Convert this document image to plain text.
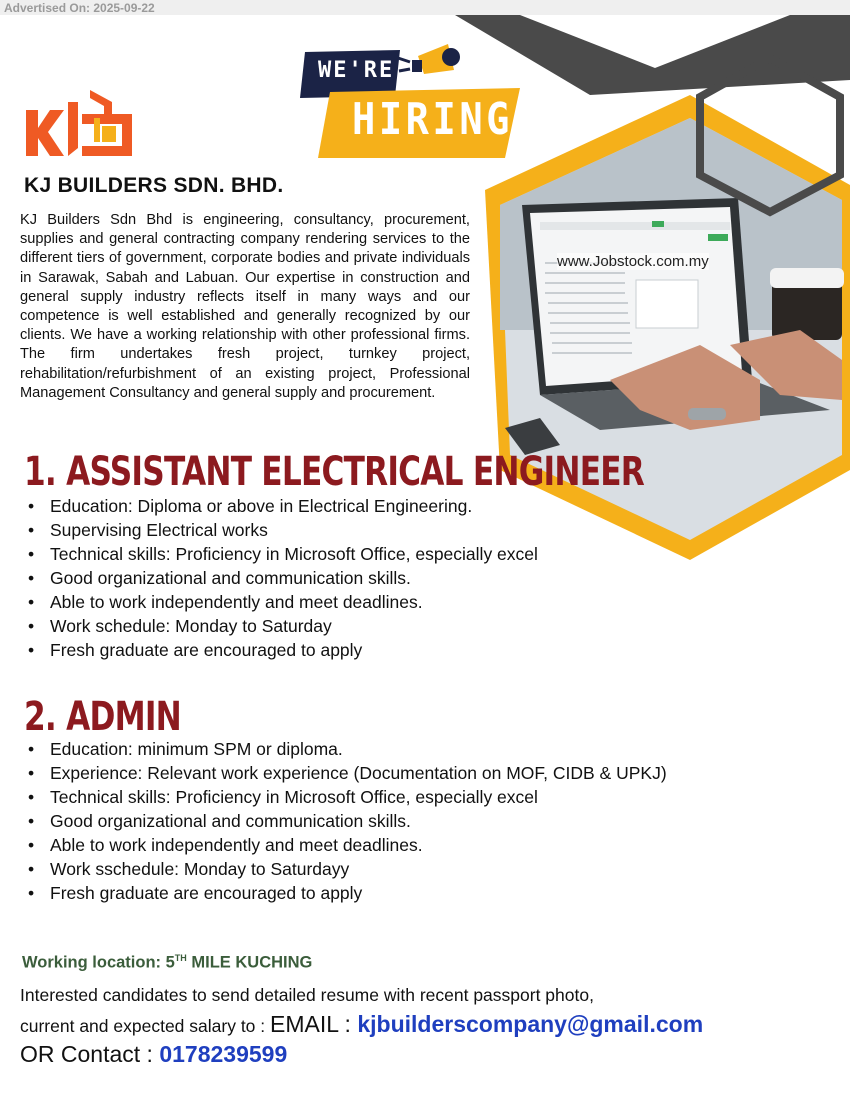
Advertised On: 2025-09-22
WE'RE
HIRING
KJ BUILDERS SDN. BHD.
KJ Builders Sdn Bhd is engineering, consultancy, procurement, supplies and general contracting company rendering services to the different tiers of government, corporate bodies and private individuals in Sarawak, Sabah and Labuan. Our expertise in construction and general supply industry reflects itself in many ways and our competence is well established and generally recognized by our clients. We have a working relationship with other professional firms. The firm undertakes fresh project, turnkey project, rehabilitation/refurbishment of an existing project, Professional Management Consultancy and general supply and procurement.
www.Jobstock.com.my
1. ASSISTANT ELECTRICAL ENGINEER
• Education: Diploma or above in Electrical Engineering.
• Supervising Electrical works
• Technical skills: Proficiency in Microsoft Office, especially excel
• Good organizational and communication skills.
• Able to work independently and meet deadlines.
• Work schedule: Monday to Saturday
• Fresh graduate are encouraged to apply
2. ADMIN
• Education: minimum SPM or diploma.
• Experience: Relevant work experience (Documentation on MOF, CIDB & UPKJ)
• Technical skills: Proficiency in Microsoft Office, especially excel
• Good organizational and communication skills.
• Able to work independently and meet deadlines.
• Work sschedule: Monday to Saturdayy
• Fresh graduate are encouraged to apply
Working location: 5TH MILE KUCHING
Interested candidates to send detailed resume with recent passport photo,
current and expected salary to : EMAIL : kjbuilderscompany@gmail.com
OR Contact : 0178239599
